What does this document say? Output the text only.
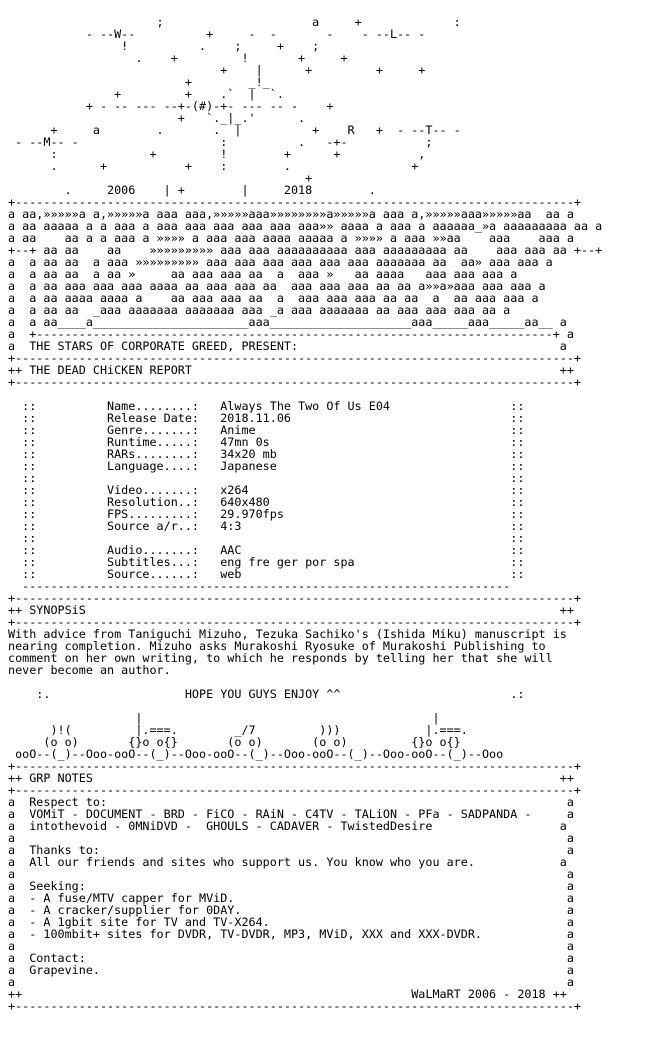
;                     a     +             :
- --W--          +     -  -       -    - --L-- -
!          .    ;     +    ;
.    +         !       +     +
+    |      +         +     +
+        _!_
+         +    .`  |  `.
+ - -- --- --+-(#)-+- --- -- -    +
+   `._|_.'      .
+     a        .       .  |          +    R   +  - --T-- -
- --M-- -                    :          .   -+-           ;
:             +         !        +      +           ,
.      +           +    :        .                 +
+
.     2006    | +        |     2018        .
+-------------------------------------------------------------------------------+
a aa,»»»»»a a,»»»»»a aaa aaa,»»»»»aaa»»»»»»»»a»»»»»a aaa a,»»»»»aaa»»»»»aa  aa a
a aa aaaaa a a aaa a aaa aaa aaa aaa aaa aaa»» aaaa a aaa a aaaaaa_»a aaaaaaaaa aa a
a aa    aa a a aaa a »»»» a aaa aaa aaaa aaaaa a »»»» a aaa »»aa    aaa    aaa a
+--+ aa aa    aa    »»»»»»»»» aaa aaa aaaaaaaaaa aaa aaaaaaaaa aa    aaa aaa aa +--+
a  a aa aa  a aaa »»»»»»»»» aaa aaa aaa aaa aaa aaa aaaaaaa aa  aa» aaa aaa a
a  a aa aa  a aa »     aa aaa aaa aa  a  aaa »   aa aaaa   aaa aaa aaa a
a  a aa aaa aaa aaa aaaa aa aaa aaa aa  aaa aaa aaa aa aa a»»a»aaa aaa aaa a
a  a aa aaaa aaaa a    aa aaa aaa aa  a  aaa aaa aaa aa aa  a  aa aaa aaa a
a  a aa aa  _aaa aaaaaaa aaaaaaa aaa _a aaa aaaaaaa aa aaa aaa aaa aa a
a  a aa____a______________________aaa____________________aaa_____aaa_____aa__ a
a  +-------------------------------------------------------------------------+ a
a  THE STARS OF CORPORATE GREED, PRESENT:                                     a
+-------------------------------------------------------------------------------+
++ THE DEAD CHiCKEN REPORT                                                    ++
+-------------------------------------------------------------------------------+

::          Name........:   Always The Two Of Us E04                 ::
::          Release Date:   2018.11.06                               ::
::          Genre.......:   Anime                                    ::
::          Runtime.....:   47mn 0s                                  ::
::          RARs........:   34x20 mb                                 ::
::          Language....:   Japanese                                 ::
::                                                                   ::
::          Video.......:   x264                                     ::
::          Resolution..:   640x480                                  ::
::          FPS.........:   29.970fps                                ::
::          Source a/r..:   4:3                                      ::
::                                                                   ::
::          Audio.......:   AAC                                      ::
::          Subtitles...:   eng fre ger por spa                      ::
::          Source......:   web                                      ::
---------------------------------------------------------------------
+-------------------------------------------------------------------------------+
++ SYNOPSiS                                                                   ++
+-------------------------------------------------------------------------------+
With advice from Taniguchi Mizuho, Tezuka Sachiko's (Ishida Miku) manuscript is
nearing completion. Mizuho asks Murakoshi Ryosuke of Murakoshi Publishing to
comment on her own writing, to which he responds by telling her that she will
never become an author.

:.                   HOPE YOU GUYS ENJOY ^^                        .:

|                                         |
)!(         |.===.        _/7         )))            |.===.
(o o)       {}o o{}       (o o)       (o o)         {}o o{}
ooO--(_)--Ooo-ooO--(_)--Ooo-ooO--(_)--Ooo-ooO--(_)--Ooo-ooO--(_)--Ooo
+-------------------------------------------------------------------------------+
++ GRP NOTES                                                                  ++
+-------------------------------------------------------------------------------+
a  Respect to:                                                                 a
a  VOMiT - DOCUMENT - BRD - FiCO - RAiN - C4TV - TALiON - PFa - SADPANDA -     a
a  intothevoid - 0MNiDVD -  GHOULS - CADAVER - TwistedDesire                  a
a                                                                              a
a  Thanks to:                                                                  a
a  All our friends and sites who support us. You know who you are.            a
a                                                                              a
a  Seeking:                                                                    a
a  - A fuse/MTV capper for MViD.                                               a
a  - A cracker/supplier for 0DAY.                                              a
a  - A 1gbit site for TV and TV-X264.                                          a
a  - 100mbit+ sites for DVDR, TV-DVDR, MP3, MViD, XXX and XXX-DVDR.            a
a                                                                              a
a  Contact:                                                                    a
a  Grapevine.                                                                  a
a                                                                              a
++                                                       WaLMaRT 2006 - 2018 ++
+-------------------------------------------------------------------------------+
